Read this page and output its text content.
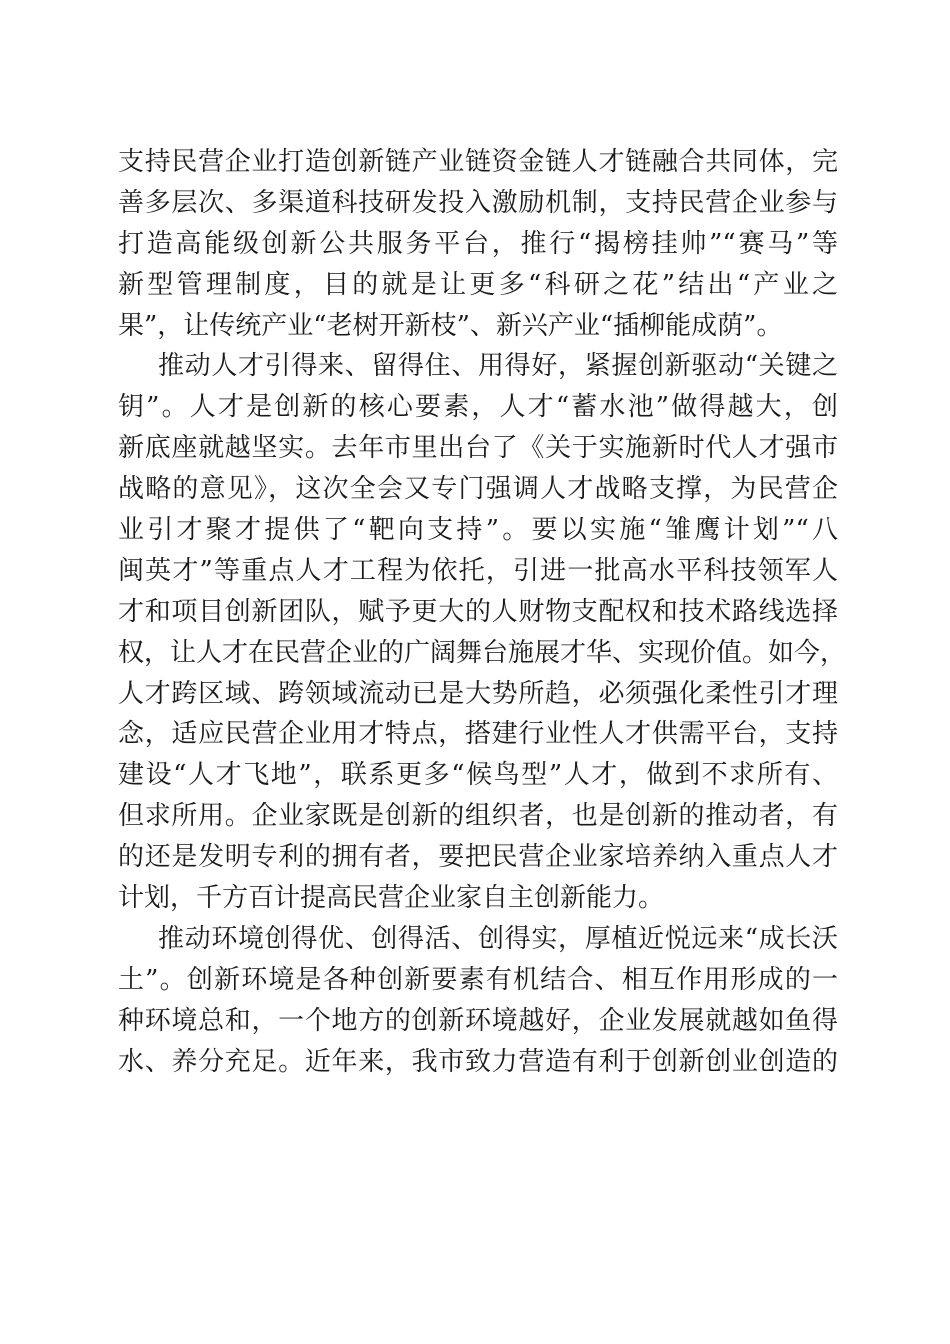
支持民营企业打造创新链产业链资金链人才链融合共同体，完
善多层次、多渠道科技研发投入激励机制，支持民营企业参与
打造高能级创新公共服务平台，推行“揭榜挂帅”“赛马”等
新型管理制度，目的就是让更多“科研之花”结出“产业之
果”，让传统产业“老树开新枝”、新兴产业“插柳能成荫”。
推动人才引得来、留得住、用得好，紧握创新驱动“关键之
钥”。人才是创新的核心要素，人才“蓄水池”做得越大，创
新底座就越坚实。去年市里出台了《关于实施新时代人才强市
战略的意见》，这次全会又专门强调人才战略支撑，为民营企
业引才聚才提供了“靶向支持”。要以实施“雏鹰计划”“八
闽英才”等重点人才工程为依托，引进一批高水平科技领军人
才和项目创新团队，赋予更大的人财物支配权和技术路线选择
权，让人才在民营企业的广阔舞台施展才华、实现价值。如今，
人才跨区域、跨领域流动已是大势所趋，必须强化柔性引才理
念，适应民营企业用才特点，搭建行业性人才供需平台，支持
建设“人才飞地”，联系更多“候鸟型”人才，做到不求所有、
但求所用。企业家既是创新的组织者，也是创新的推动者，有
的还是发明专利的拥有者，要把民营企业家培养纳入重点人才
计划，千方百计提高民营企业家自主创新能力。
推动环境创得优、创得活、创得实，厚植近悦远来“成长沃
土”。创新环境是各种创新要素有机结合、相互作用形成的一
种环境总和，一个地方的创新环境越好，企业发展就越如鱼得
水、养分充足。近年来，我市致力营造有利于创新创业创造的
